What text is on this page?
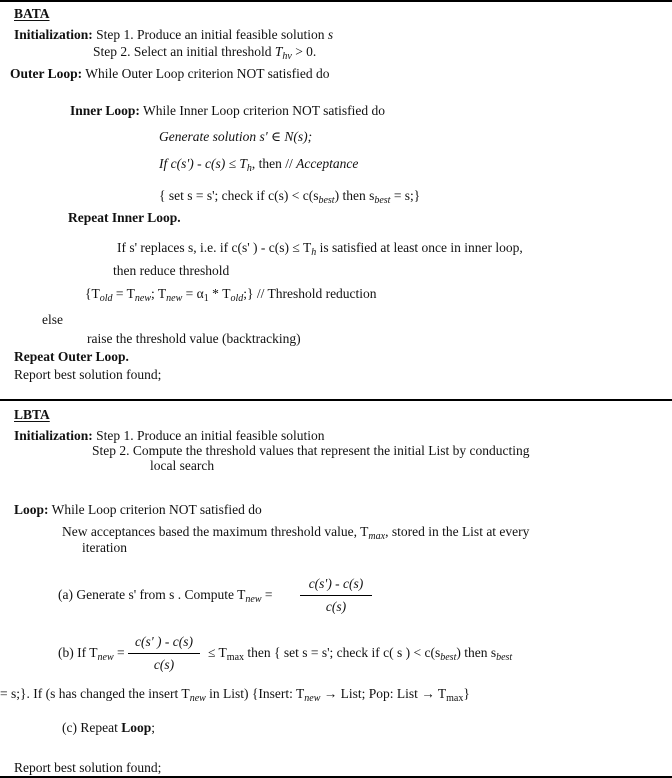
BATA
Initialization: Step 1. Produce an initial feasible solution s
Step 2. Select an initial threshold $T_{hv} > 0$.
Outer Loop: While Outer Loop criterion NOT satisfied do
Inner Loop: While Inner Loop criterion NOT satisfied do
Generate solution s' ∈ N(s);
If $c(s') - c(s) \le T_h$, then // Acceptance
{ set s = s'; check if $c(s) < c(s_{best})$ then $s_{best}$ = s;}
Repeat Inner Loop.
If s' replaces s, i.e. if c(s' ) - $c(s) \le T_h$ is satisfied at least once in inner loop,
then reduce threshold
{$T_{old} = T_{new}$; $T_{new} = \alpha_1$ * $T_{old}$;} // Threshold reduction
else
raise the threshold value (backtracking)
Repeat Outer Loop.
Report best solution found;
LBTA
Initialization: Step 1. Produce an initial feasible solution
Step 2. Compute the threshold values that represent the initial List by conducting
local search
Loop: While Loop criterion NOT satisfied do
New acceptances based the maximum threshold value, $T_{max}$, stored in the List at every
iteration
(a) Generate s' from s . Compute $T_{new}$ =
c(s') - c(s)
c(s)
(b) If $T_{new}$ =
c(s' ) - c(s)
c(s)
≤ $T_{max}$ then { set s = s'; check if c( s ) < $c(s_{best})$ then $s_{best}$
= s;}. If (s has changed the insert $T_{new}$ in List) {Insert: $T_{new}$ → List; Pop: List → $T_{max}$}
(c) Repeat Loop;
Report best solution found;
